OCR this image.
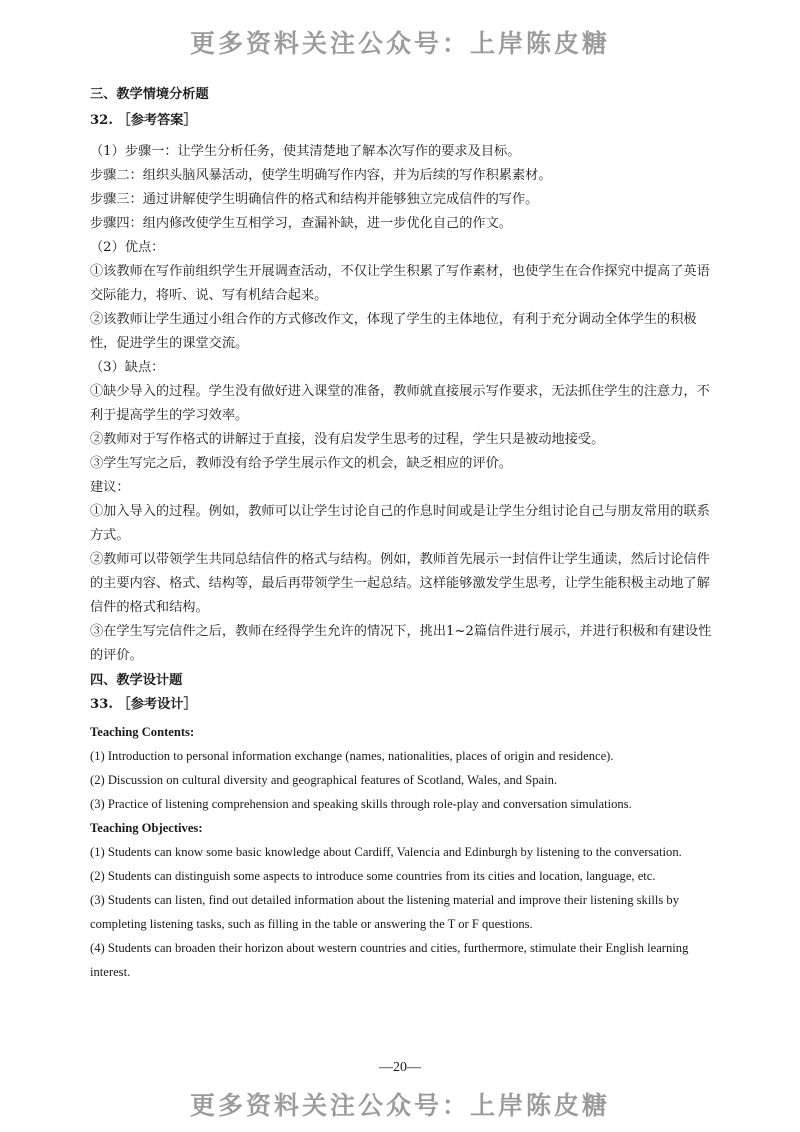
更多资料关注公众号：上岸陈皮糖

三、教学情境分析题

32. ［参考答案］

（1）步骤一：让学生分析任务，使其清楚地了解本次写作的要求及目标。

步骤二：组织头脑风暴活动，使学生明确写作内容，并为后续的写作积累素材。

步骤三：通过讲解使学生明确信件的格式和结构并能够独立完成信件的写作。

步骤四：组内修改使学生互相学习，查漏补缺，进一步优化自己的作文。

（2）优点：

①该教师在写作前组织学生开展调查活动，不仅让学生积累了写作素材，也使学生在合作探究中提高了英语交际能力，将听、说、写有机结合起来。

②该教师让学生通过小组合作的方式修改作文，体现了学生的主体地位，有利于充分调动全体学生的积极性，促进学生的课堂交流。

（3）缺点：

①缺少导入的过程。学生没有做好进入课堂的准备，教师就直接展示写作要求，无法抓住学生的注意力，不利于提高学生的学习效率。

②教师对于写作格式的讲解过于直接，没有启发学生思考的过程，学生只是被动地接受。

③学生写完之后，教师没有给予学生展示作文的机会，缺乏相应的评价。

建议：

①加入导入的过程。例如，教师可以让学生讨论自己的作息时间或是让学生分组讨论自己与朋友常用的联系方式。

②教师可以带领学生共同总结信件的格式与结构。例如，教师首先展示一封信件让学生通读，然后讨论信件的主要内容、格式、结构等，最后再带领学生一起总结。这样能够激发学生思考，让学生能积极主动地了解信件的格式和结构。

③在学生写完信件之后，教师在经得学生允许的情况下，挑出1~2篇信件进行展示，并进行积极和有建设性的评价。

四、教学设计题

33. ［参考设计］

Teaching Contents:

(1) Introduction to personal information exchange (names, nationalities, places of origin and residence).

(2) Discussion on cultural diversity and geographical features of Scotland, Wales, and Spain.

(3) Practice of listening comprehension and speaking skills through role-play and conversation simulations.

Teaching Objectives:

(1) Students can know some basic knowledge about Cardiff, Valencia and Edinburgh by listening to the conversation.

(2) Students can distinguish some aspects to introduce some countries from its cities and location, language, etc.

(3) Students can listen, find out detailed information about the listening material and improve their listening skills by completing listening tasks, such as filling in the table or answering the T or F questions.

(4) Students can broaden their horizon about western countries and cities, furthermore, stimulate their English learning interest.

—20—
更多资料关注公众号：上岸陈皮糖
